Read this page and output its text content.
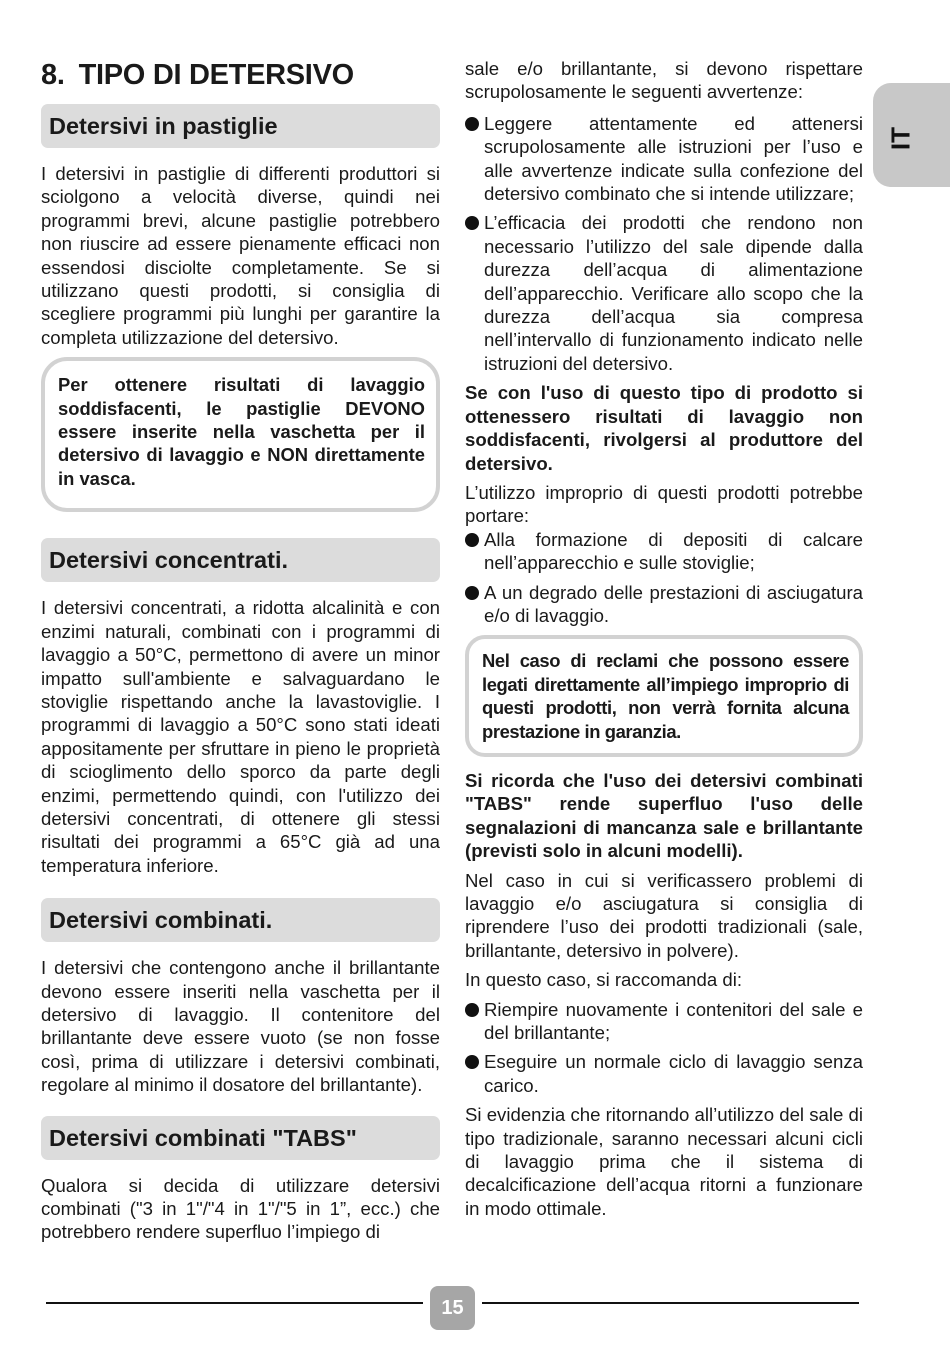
IT
8. TIPO DI DETERSIVO
Detersivi in pastiglie

I detersivi in pastiglie di differenti produttori si sciolgono a velocità diverse, quindi nei programmi brevi, alcune pastiglie potrebbero non riuscire ad essere pienamente efficaci non essendosi disciolte completamente. Se si utilizzano questi prodotti, si consiglia di scegliere programmi più lunghi per garantire la completa utilizzazione del detersivo.

Per ottenere risultati di lavaggio soddisfacenti, le pastiglie DEVONO essere inserite nella vaschetta per il detersivo di lavaggio e NON direttamente in vasca.

Detersivi concentrati.

I detersivi concentrati, a ridotta alcalinità e con enzimi naturali, combinati con i programmi di lavaggio a 50°C, permettono di avere un minor impatto sull'ambiente e salvaguardano le stoviglie rispettando anche la lavastoviglie. I programmi di lavaggio a 50°C sono stati ideati appositamente per sfruttare in pieno le proprietà di scioglimento dello sporco da parte degli enzimi, permettendo quindi, con l'utilizzo dei detersivi concentrati, di ottenere gli stessi risultati dei programmi a 65°C già ad una temperatura inferiore.

Detersivi combinati.

I detersivi che contengono anche il brillantante devono essere inseriti nella vaschetta per il detersivo di lavaggio. Il contenitore del brillantante deve essere vuoto (se non fosse così, prima di utilizzare i detersivi combinati, regolare al minimo il dosatore del brillantante).

Detersivi combinati "TABS"

Qualora si decida di utilizzare detersivi combinati ("3 in 1"/"4 in 1"/"5 in 1”, ecc.) che potrebbero rendere superfluo l’impiego di

sale e/o brillantante, si devono rispettare scrupolosamente le seguenti avvertenze:

Leggere attentamente ed attenersi scrupolosamente alle istruzioni per l’uso e alle avvertenze indicate sulla confezione del detersivo combinato che si intende utilizzare;
L’efficacia dei prodotti che rendono non necessario l’utilizzo del sale dipende dalla durezza dell’acqua di alimentazione dell’apparecchio. Verificare allo scopo che la durezza dell’acqua sia compresa nell’intervallo di funzionamento indicato nelle istruzioni del detersivo.

Se con l'uso di questo tipo di prodotto si ottenessero risultati di lavaggio non soddisfacenti, rivolgersi al produttore del detersivo.

L’utilizzo improprio di questi prodotti potrebbe portare:

Alla formazione di depositi di calcare nell’apparecchio e sulle stoviglie;
A un degrado delle prestazioni di asciugatura e/o di lavaggio.

Nel caso di reclami che possono essere legati direttamente all’impiego improprio di questi prodotti, non verrà fornita alcuna prestazione in garanzia.

Si ricorda che l'uso dei detersivi combinati "TABS" rende superfluo l'uso delle segnalazioni di mancanza sale e brillantante (previsti solo in alcuni modelli).

Nel caso in cui si verificassero problemi di lavaggio e/o asciugatura si consiglia di riprendere l’uso dei prodotti tradizionali (sale, brillantante, detersivo in polvere).

In questo caso, si raccomanda di:

Riempire nuovamente i contenitori del sale e del brillantante;
Eseguire un normale ciclo di lavaggio senza carico.

Si evidenzia che ritornando all’utilizzo del sale di tipo tradizionale, saranno necessari alcuni cicli di lavaggio prima che il sistema di decalcificazione dell’acqua ritorni a funzionare in modo ottimale.

15
